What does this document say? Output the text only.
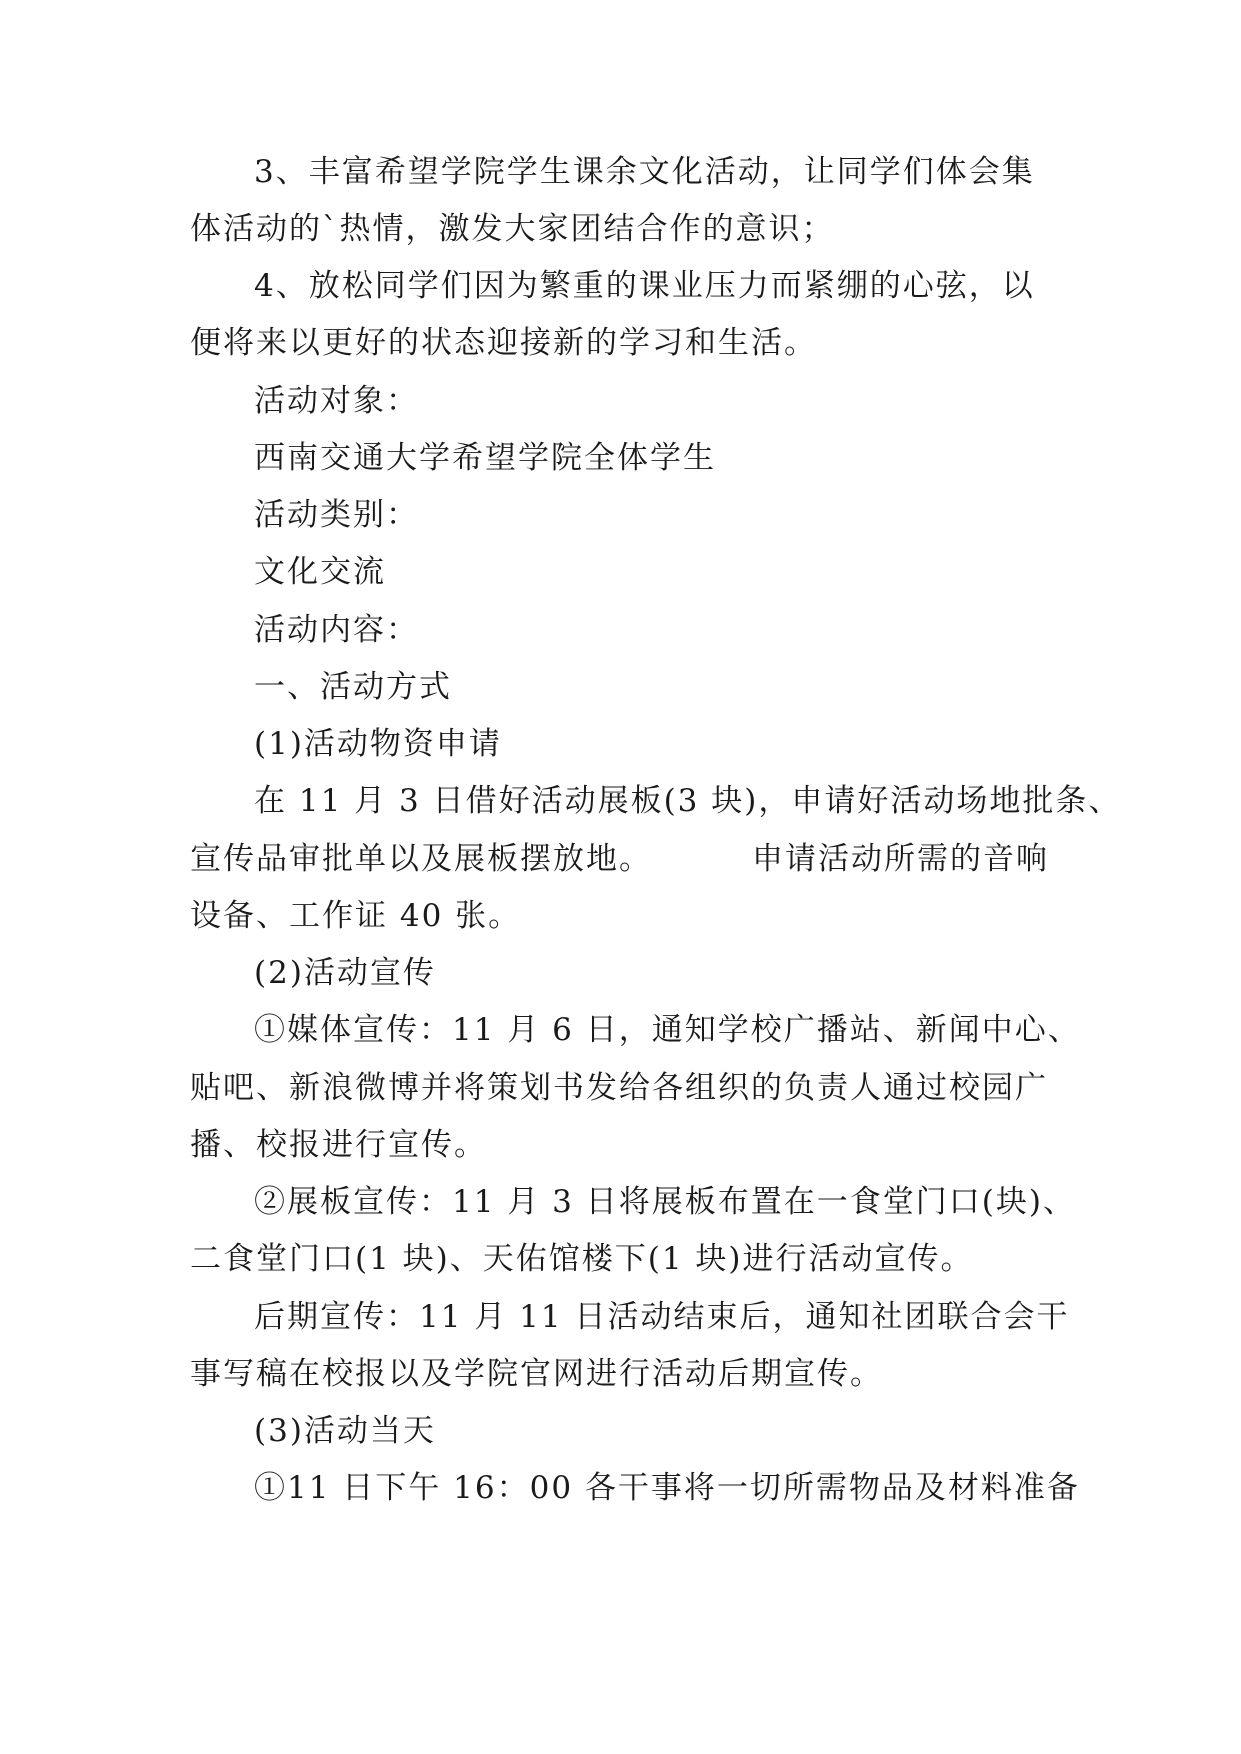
3、丰富希望学院学生课余文化活动，让同学们体会集
体活动的`热情，激发大家团结合作的意识；
4、放松同学们因为繁重的课业压力而紧绷的心弦，以
便将来以更好的状态迎接新的学习和生活。
活动对象：
西南交通大学希望学院全体学生
活动类别：
文化交流
活动内容：
一、活动方式
(1)活动物资申请
在 11 月 3 日借好活动展板(3 块)，申请好活动场地批条、
宣传品审批单以及展板摆放地。	申请活动所需的音响
设备、工作证 40 张。
(2)活动宣传
①媒体宣传：11 月 6 日，通知学校广播站、新闻中心、
贴吧、新浪微博并将策划书发给各组织的负责人通过校园广
播、校报进行宣传。
②展板宣传：11 月 3 日将展板布置在一食堂门口(块)、
二食堂门口(1 块)、天佑馆楼下(1 块)进行活动宣传。
后期宣传：11 月 11 日活动结束后，通知社团联合会干
事写稿在校报以及学院官网进行活动后期宣传。
(3)活动当天
①11 日下午 16：00 各干事将一切所需物品及材料准备
